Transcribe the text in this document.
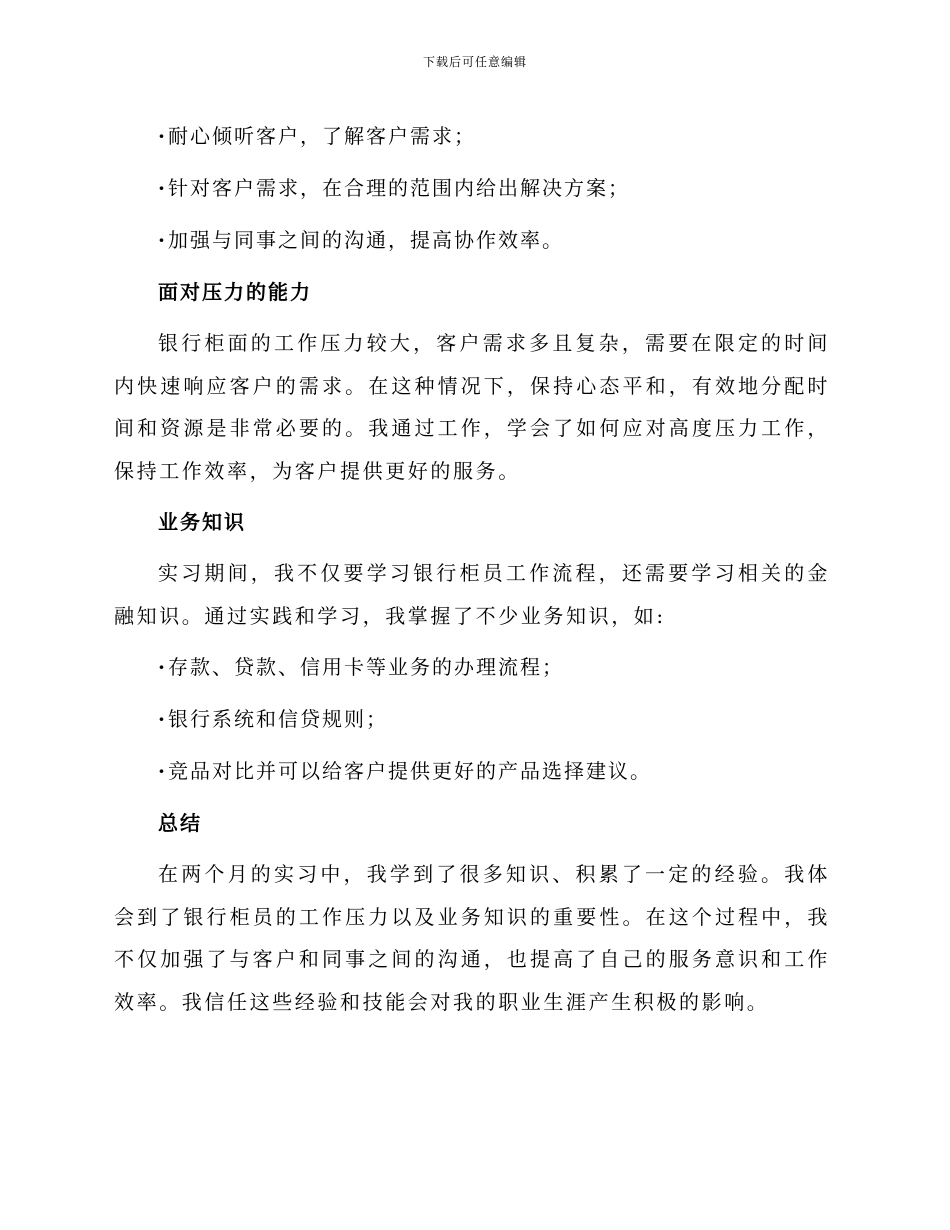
下载后可任意编辑
·耐心倾听客户，了解客户需求；
·针对客户需求，在合理的范围内给出解决方案；
·加强与同事之间的沟通，提高协作效率。
面对压力的能力

银行柜面的工作压力较大，客户需求多且复杂，需要在限定的时间内快速响应客户的需求。在这种情况下，保持心态平和，有效地分配时间和资源是非常必要的。我通过工作，学会了如何应对高度压力工作，保持工作效率，为客户提供更好的服务。

业务知识

实习期间，我不仅要学习银行柜员工作流程，还需要学习相关的金融知识。通过实践和学习，我掌握了不少业务知识，如:

·存款、贷款、信用卡等业务的办理流程；
·银行系统和信贷规则；
·竞品对比并可以给客户提供更好的产品选择建议。
总结

在两个月的实习中，我学到了很多知识、积累了一定的经验。我体会到了银行柜员的工作压力以及业务知识的重要性。在这个过程中，我不仅加强了与客户和同事之间的沟通，也提高了自己的服务意识和工作效率。我信任这些经验和技能会对我的职业生涯产生积极的影响。
